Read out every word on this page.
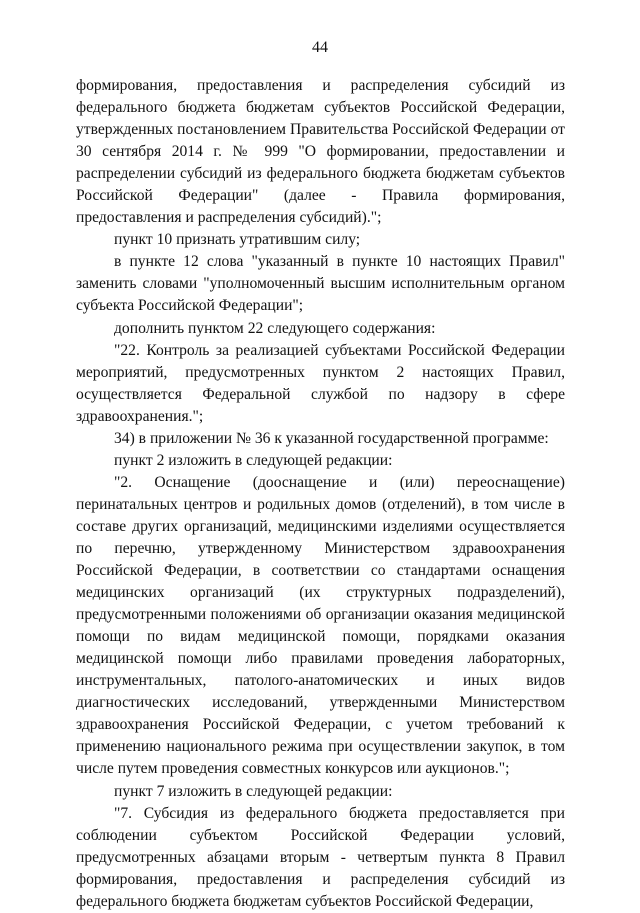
44

формирования, предоставления и распределения субсидий из федерального бюджета бюджетам субъектов Российской Федерации, утвержденных постановлением Правительства Российской Федерации от 30 сентября 2014 г. № 999 "О формировании, предоставлении и распределении субсидий из федерального бюджета бюджетам субъектов Российской Федерации" (далее - Правила формирования, предоставления и распределения субсидий).";

пункт 10 признать утратившим силу;

в пункте 12 слова "указанный в пункте 10 настоящих Правил" заменить словами "уполномоченный высшим исполнительным органом субъекта Российской Федерации";

дополнить пунктом 22 следующего содержания:

"22. Контроль за реализацией субъектами Российской Федерации мероприятий, предусмотренных пунктом 2 настоящих Правил, осуществляется Федеральной службой по надзору в сфере здравоохранения.";

34) в приложении № 36 к указанной государственной программе:

пункт 2 изложить в следующей редакции:

"2. Оснащение (дооснащение и (или) переоснащение) перинатальных центров и родильных домов (отделений), в том числе в составе других организаций, медицинскими изделиями осуществляется по перечню, утвержденному Министерством здравоохранения Российской Федерации, в соответствии со стандартами оснащения медицинских организаций (их структурных подразделений), предусмотренными положениями об организации оказания медицинской помощи по видам медицинской помощи, порядками оказания медицинской помощи либо правилами проведения лабораторных, инструментальных, патолого-анатомических и иных видов диагностических исследований, утвержденными Министерством здравоохранения Российской Федерации, с учетом требований к применению национального режима при осуществлении закупок, в том числе путем проведения совместных конкурсов или аукционов.";

пункт 7 изложить в следующей редакции:

"7. Субсидия из федерального бюджета предоставляется при соблюдении субъектом Российской Федерации условий, предусмотренных абзацами вторым - четвертым пункта 8 Правил формирования, предоставления и распределения субсидий из федерального бюджета бюджетам субъектов Российской Федерации,
